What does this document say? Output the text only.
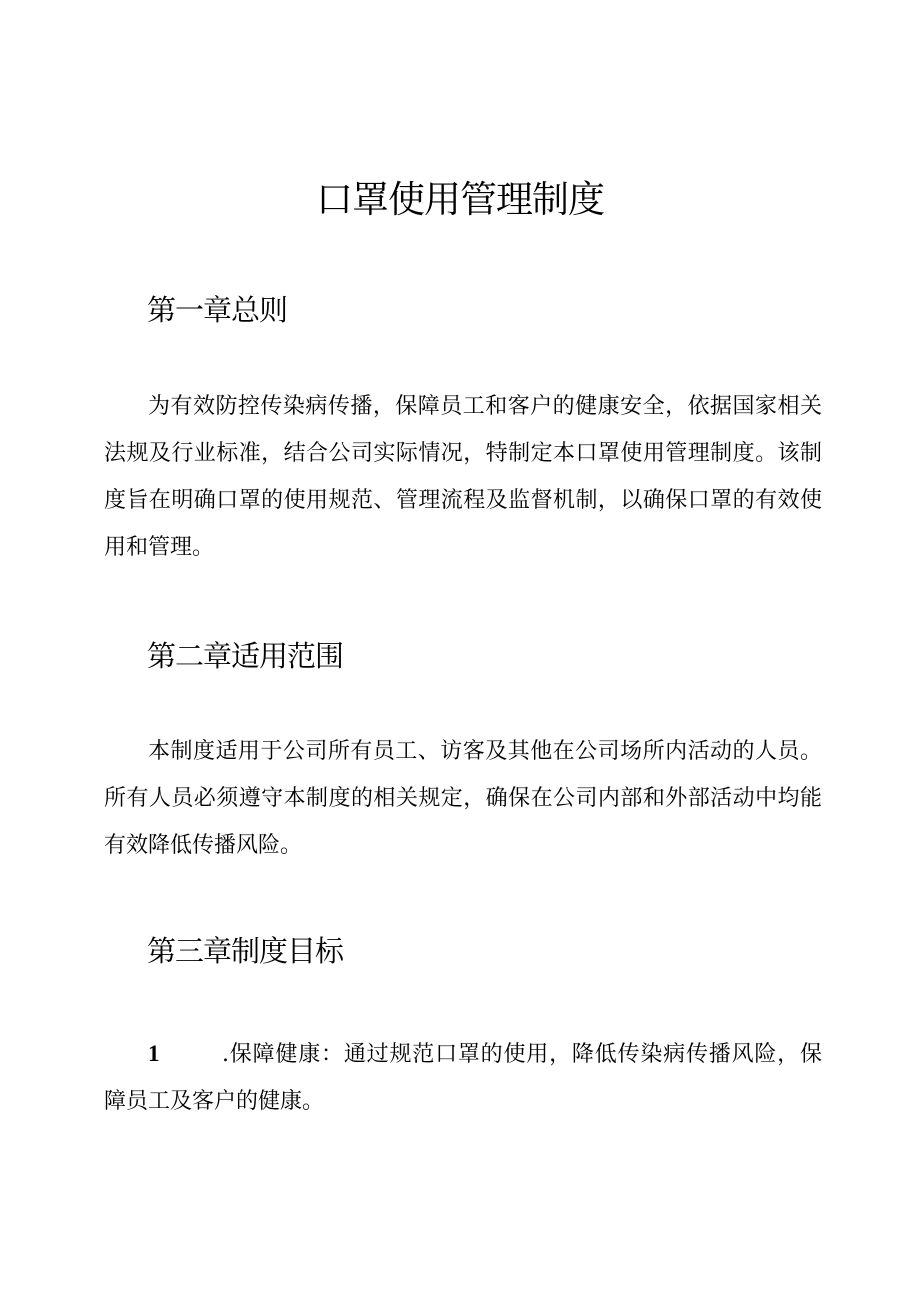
口罩使用管理制度
第一章总则
为有效防控传染病传播，保障员工和客户的健康安全，依据国家相关法规及行业标准，结合公司实际情况，特制定本口罩使用管理制度。该制度旨在明确口罩的使用规范、管理流程及监督机制，以确保口罩的有效使用和管理。
第二章适用范围
本制度适用于公司所有员工、访客及其他在公司场所内活动的人员。所有人员必须遵守本制度的相关规定，确保在公司内部和外部活动中均能有效降低传播风险。
第三章制度目标
1	.保障健康：通过规范口罩的使用，降低传染病传播风险，保障员工及客户的健康。
